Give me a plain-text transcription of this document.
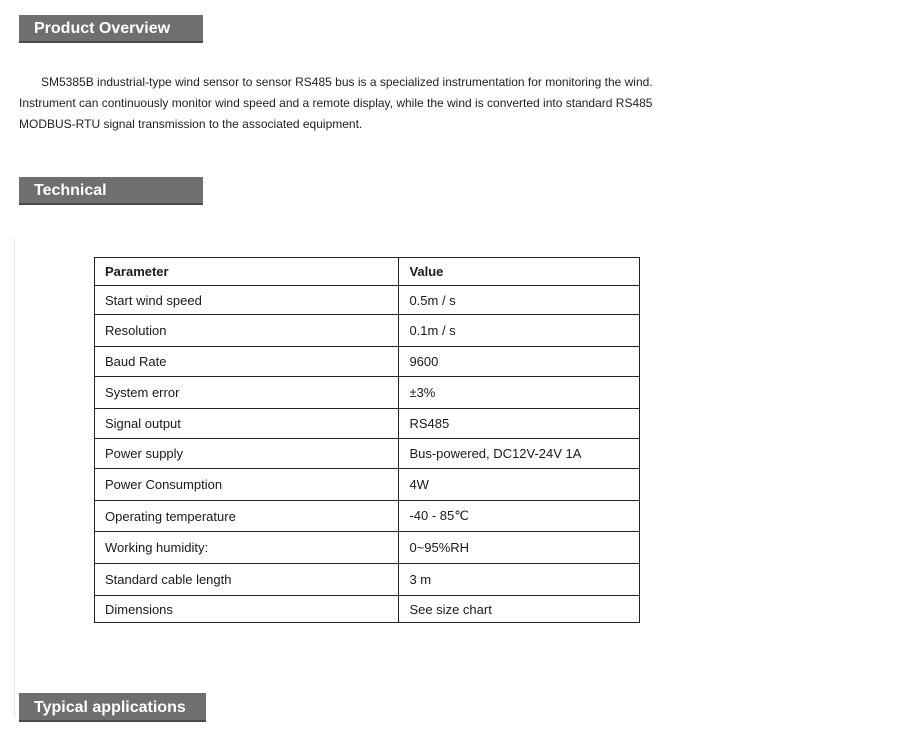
Product Overview

SM5385B industrial-type wind sensor to sensor RS485 bus is a specialized instrumentation for monitoring the wind.

Instrument can continuously monitor wind speed and a remote display, while the wind is converted into standard RS485

MODBUS-RTU signal transmission to the associated equipment.

Technical Parameters
Parameter	Value
Start wind speed	0.5m / s
Resolution	0.1m / s
Baud Rate	9600
System error	±3%
Signal output	RS485
Power supply	Bus-powered, DC12V-24V 1A
Power Consumption	4W
Operating temperature	-40 - 85℃
Working humidity:	0~95%RH
Standard cable length	3 m
Dimensions	See size chart
Typical applications
